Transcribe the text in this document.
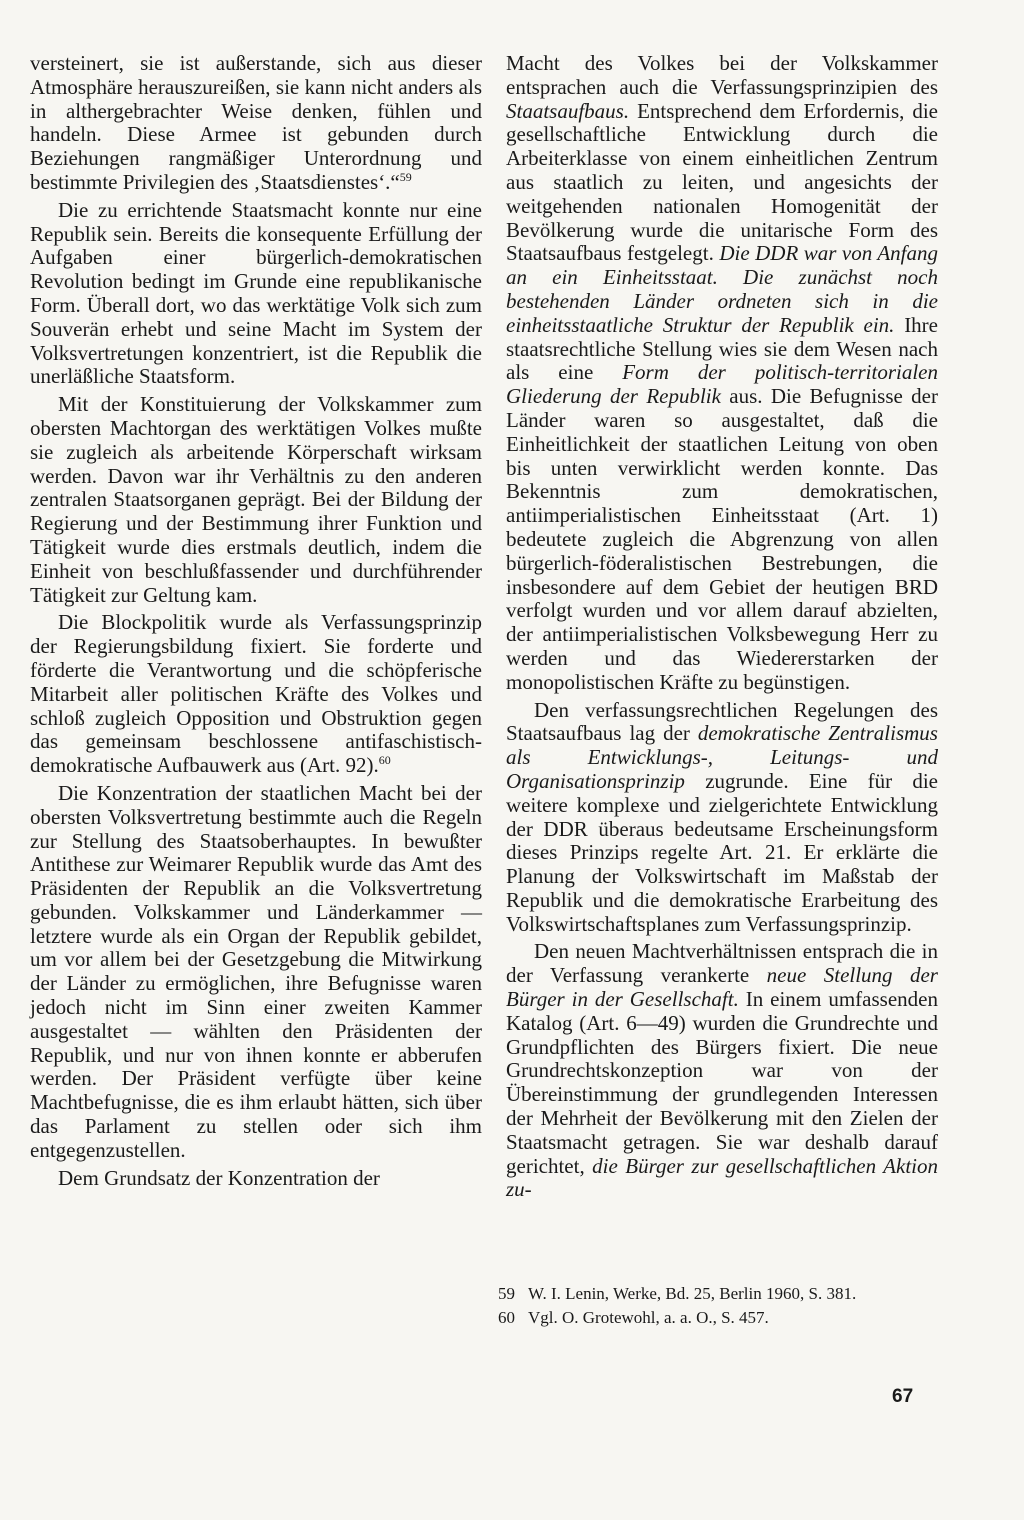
versteinert, sie ist außerstande, sich aus dieser Atmosphäre herauszureißen, sie kann nicht anders als in althergebrachter Weise denken, fühlen und handeln. Diese Armee ist gebunden durch Beziehungen rangmäßiger Unterordnung und bestimmte Privilegien des ‚Staatsdienstes‘.“$^{59}$

Die zu errichtende Staatsmacht konnte nur eine Republik sein. Bereits die konsequente Erfüllung der Aufgaben einer bürgerlich-demokratischen Revolution bedingt im Grunde eine republikanische Form. Überall dort, wo das werktätige Volk sich zum Souverän erhebt und seine Macht im System der Volksvertretungen konzentriert, ist die Republik die unerläßliche Staatsform.

Mit der Konstituierung der Volkskammer zum obersten Machtorgan des werktätigen Volkes mußte sie zugleich als arbeitende Körperschaft wirksam werden. Davon war ihr Verhältnis zu den anderen zentralen Staatsorganen geprägt. Bei der Bildung der Regierung und der Bestimmung ihrer Funktion und Tätigkeit wurde dies erstmals deutlich, indem die Einheit von beschlußfassender und durchführender Tätigkeit zur Geltung kam.

Die Blockpolitik wurde als Verfassungsprinzip der Regierungsbildung fixiert. Sie forderte und förderte die Verantwortung und die schöpferische Mitarbeit aller politischen Kräfte des Volkes und schloß zugleich Opposition und Obstruktion gegen das gemeinsam beschlossene antifaschistisch-demokratische Aufbauwerk aus (Art. 92).$^{60}$

Die Konzentration der staatlichen Macht bei der obersten Volksvertretung bestimmte auch die Regeln zur Stellung des Staatsoberhauptes. In bewußter Antithese zur Weimarer Republik wurde das Amt des Präsidenten der Republik an die Volksvertretung gebunden. Volkskammer und Länderkammer — letztere wurde als ein Organ der Republik gebildet, um vor allem bei der Gesetzgebung die Mitwirkung der Länder zu ermöglichen, ihre Befugnisse waren jedoch nicht im Sinn einer zweiten Kammer ausgestaltet — wählten den Präsidenten der Republik, und nur von ihnen konnte er abberufen werden. Der Präsident verfügte über keine Machtbefugnisse, die es ihm erlaubt hätten, sich über das Parlament zu stellen oder sich ihm entgegenzustellen.

Dem Grundsatz der Konzentration der

Macht des Volkes bei der Volkskammer entsprachen auch die Verfassungsprinzipien des Staatsaufbaus. Entsprechend dem Erfordernis, die gesellschaftliche Entwicklung durch die Arbeiterklasse von einem einheitlichen Zentrum aus staatlich zu leiten, und angesichts der weitgehenden nationalen Homogenität der Bevölkerung wurde die unitarische Form des Staatsaufbaus festgelegt. Die DDR war von Anfang an ein Einheitsstaat. Die zunächst noch bestehenden Länder ordneten sich in die einheitsstaatliche Struktur der Republik ein. Ihre staatsrechtliche Stellung wies sie dem Wesen nach als eine Form der politisch-territorialen Gliederung der Republik aus. Die Befugnisse der Länder waren so ausgestaltet, daß die Einheitlichkeit der staatlichen Leitung von oben bis unten verwirklicht werden konnte. Das Bekenntnis zum demokratischen, antiimperialistischen Einheitsstaat (Art. 1) bedeutete zugleich die Abgrenzung von allen bürgerlich-föderalistischen Bestrebungen, die insbesondere auf dem Gebiet der heutigen BRD verfolgt wurden und vor allem darauf abzielten, der antiimperialistischen Volksbewegung Herr zu werden und das Wiedererstarken der monopolistischen Kräfte zu begünstigen.

Den verfassungsrechtlichen Regelungen des Staatsaufbaus lag der demokratische Zentralismus als Entwicklungs-, Leitungs- und Organisationsprinzip zugrunde. Eine für die weitere komplexe und zielgerichtete Entwicklung der DDR überaus bedeutsame Erscheinungsform dieses Prinzips regelte Art. 21. Er erklärte die Planung der Volkswirtschaft im Maßstab der Republik und die demokratische Erarbeitung des Volkswirtschaftsplanes zum Verfassungsprinzip.

Den neuen Machtverhältnissen entsprach die in der Verfassung verankerte neue Stellung der Bürger in der Gesellschaft. In einem umfassenden Katalog (Art. 6—49) wurden die Grundrechte und Grundpflichten des Bürgers fixiert. Die neue Grundrechtskonzeption war von der Übereinstimmung der grundlegenden Interessen der Mehrheit der Bevölkerung mit den Zielen der Staatsmacht getragen. Sie war deshalb darauf gerichtet, die Bürger zur gesellschaftlichen Aktion zu-

59 W. I. Lenin, Werke, Bd. 25, Berlin 1960, S. 381.
60 Vgl. O. Grotewohl, a. a. O., S. 457.
67
